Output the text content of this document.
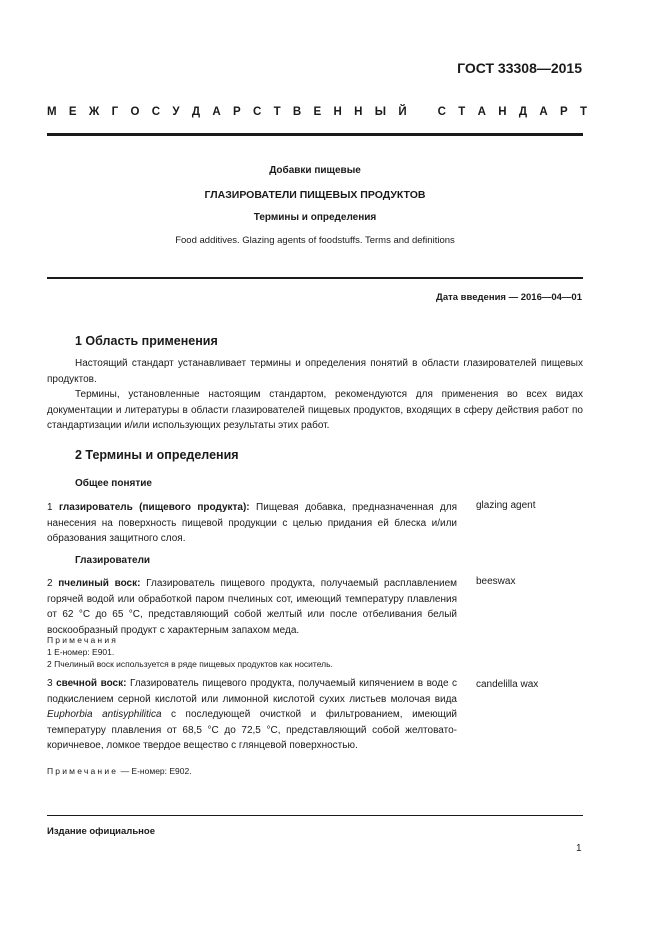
ГОСТ 33308—2015
М Е Ж Г О С У Д А Р С Т В Е Н Н Ы Й
	С Т А Н Д А Р Т
Добавки пищевые
ГЛАЗИРОВАТЕЛИ ПИЩЕВЫХ ПРОДУКТОВ
Термины и определения
Food additives. Glazing agents of foodstuffs. Terms and definitions
Дата введения — 2016—04—01
1 Область применения

Настоящий стандарт устанавливает термины и определения понятий в области глазирователей пищевых продуктов.

Термины, установленные настоящим стандартом, рекомендуются для применения во всех видах документации и литературы в области глазирователей пищевых продуктов, входящих в сферу действия работ по стандартизации и/или использующих результаты этих работ.

2 Термины и определения
Общее понятие
1 глазирователь (пищевого продукта): Пищевая добавка, предназначенная для нанесения на поверхность пищевой продукции с целью придания ей блеска и/или образования защитного слоя.
glazing agent
Глазирователи
2 пчелиный воск: Глазирователь пищевого продукта, получаемый расплавлением горячей водой или обработкой паром пчелиных сот, имеющий температуру плавления от 62 °С до 65 °С, представляющий собой желтый или после отбеливания белый воскообразный продукт с характерным запахом меда.
beeswax
Примечания
1 Е-номер: Е901.
2 Пчелиный воск используется в ряде пищевых продуктов как носитель.
3 свечной воск: Глазирователь пищевого продукта, получаемый кипячением в воде с подкислением серной кислотой или лимонной кислотой сухих листьев молочая вида Euphorbia antisyphilitica с последующей очисткой и фильтрованием, имеющий температуру плавления от 68,5 °С до 72,5 °С, представляющий собой желтовато-коричневое, ломкое твердое вещество с глянцевой поверхностью.
candelilla wax
Примечание — Е-номер: Е902.
Издание официальное
1
